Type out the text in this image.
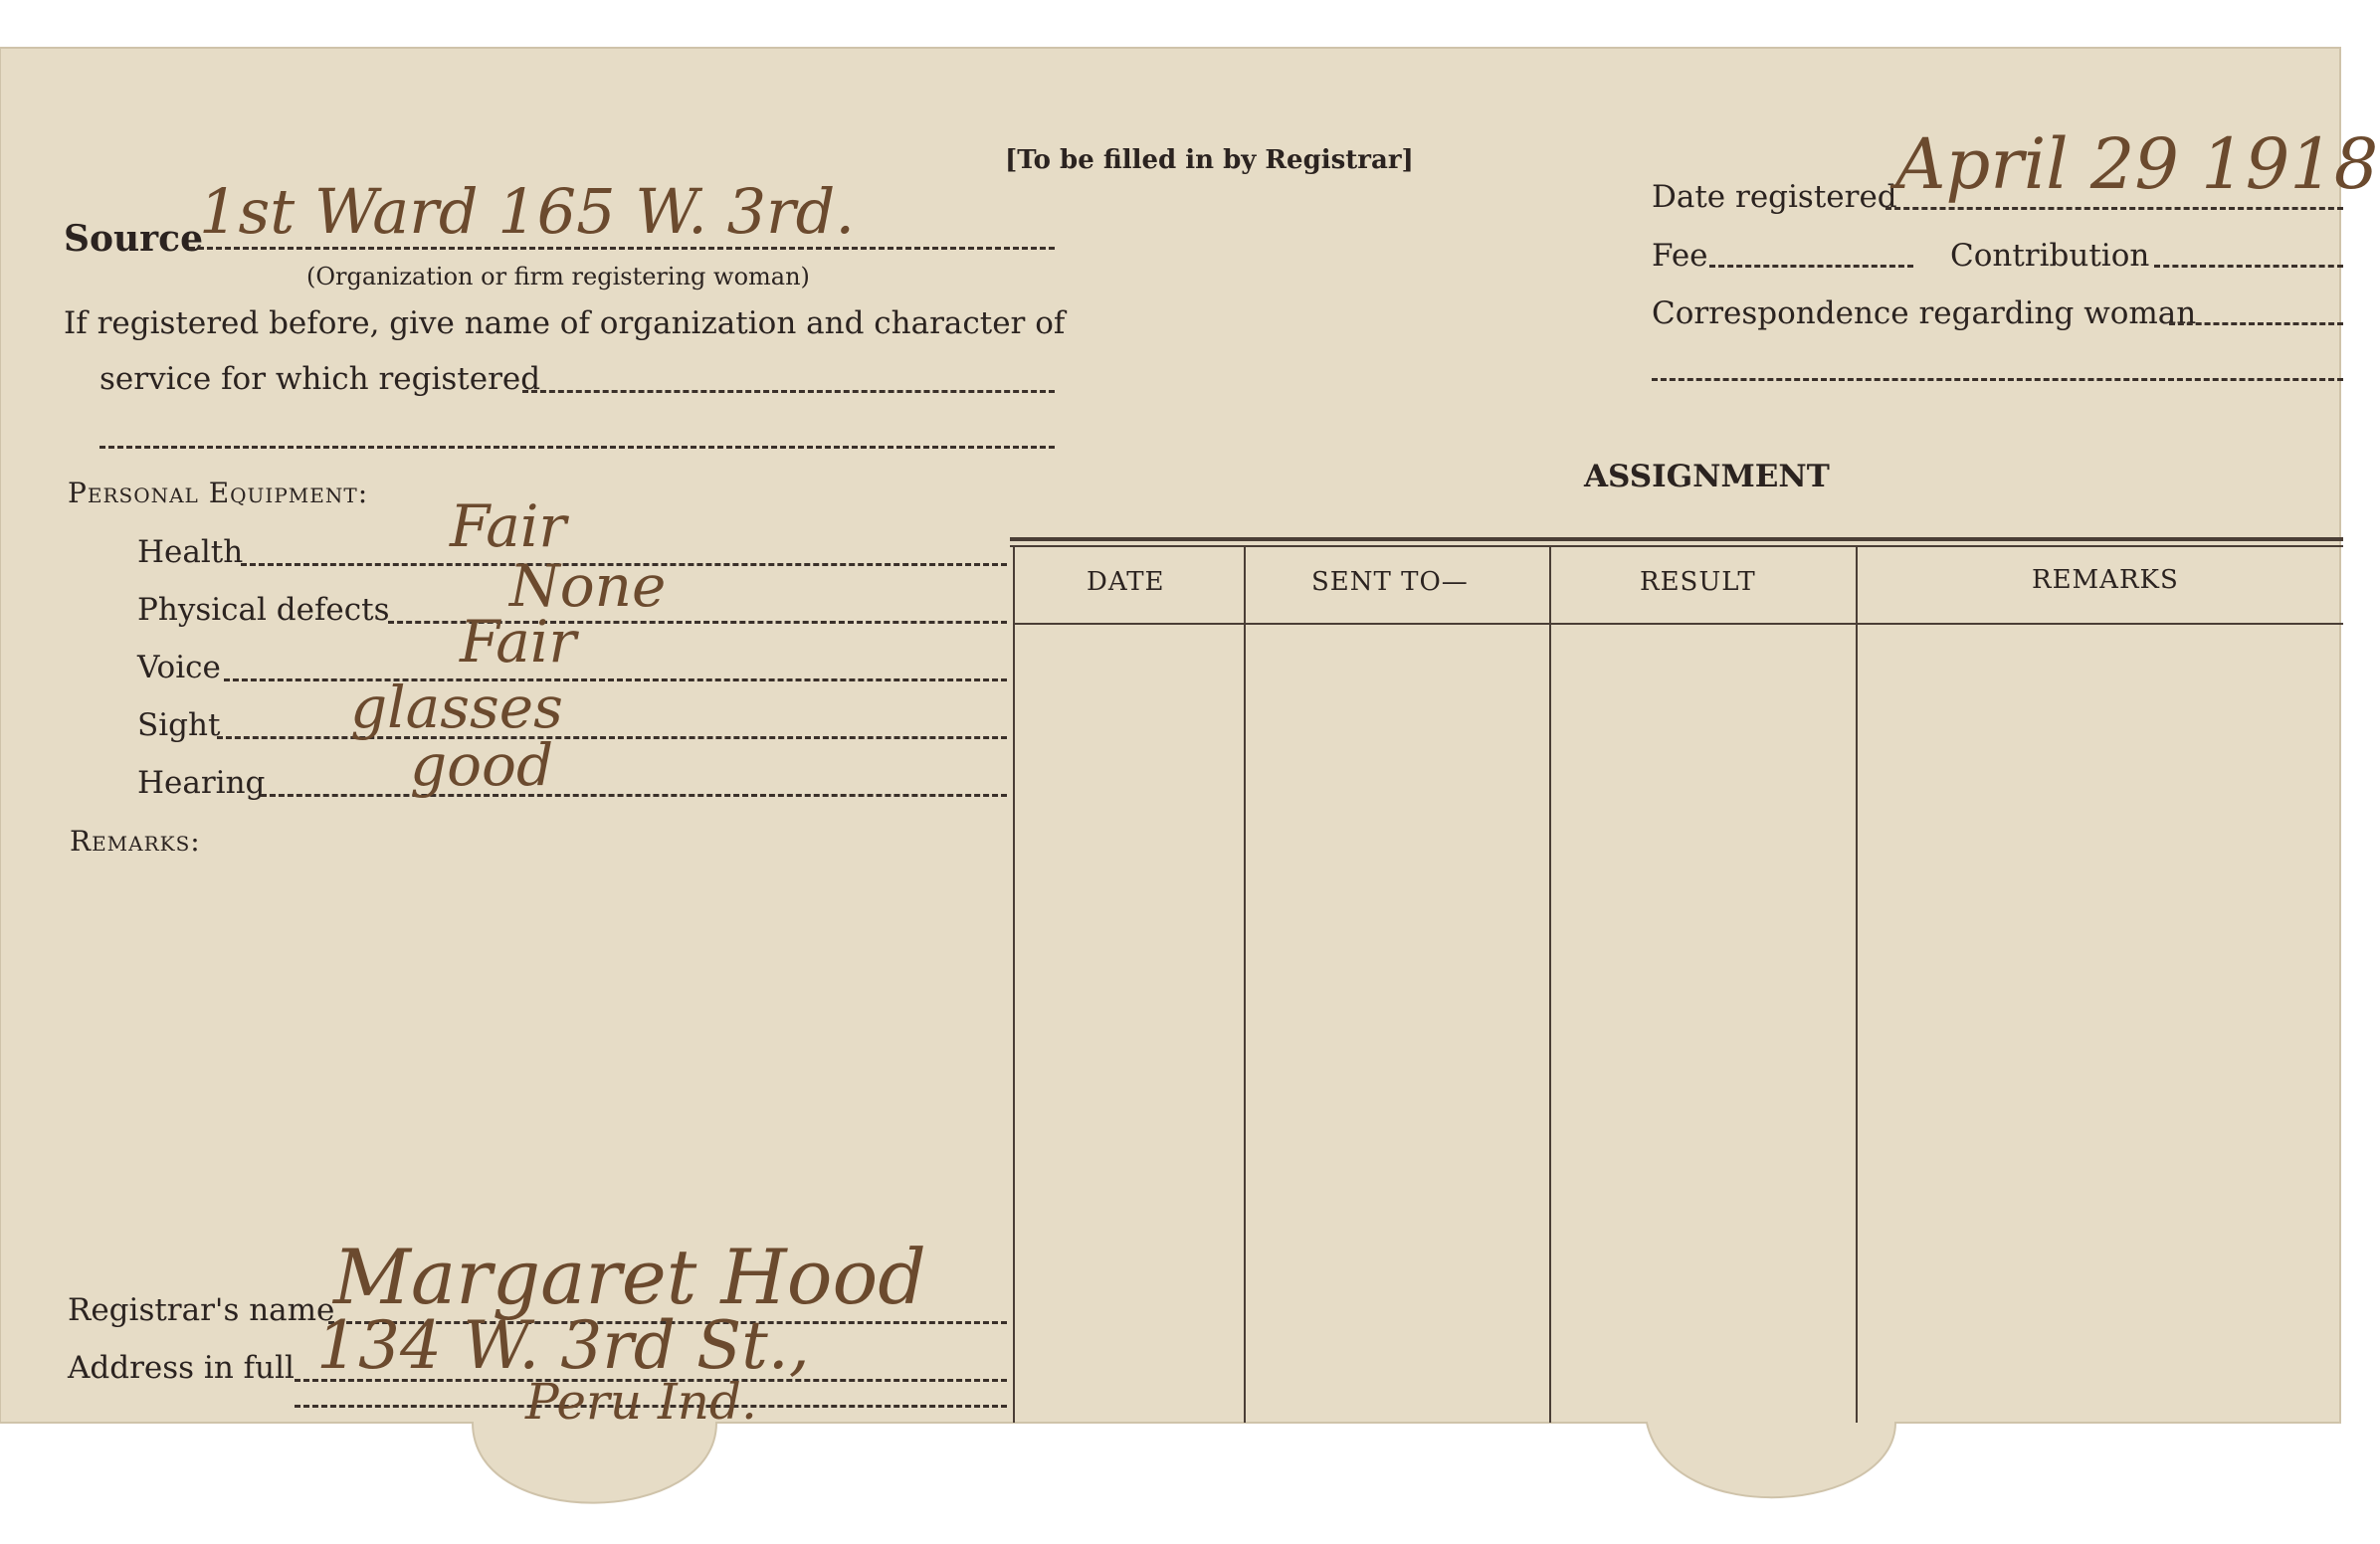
[To be filled in by Registrar]
Source
1st Ward 165 W. 3rd.
(Organization or firm registering woman)
If registered before, give name of organization and character of
service for which registered
Date registered
April 29 1918
Fee	Contribution
Correspondence regarding woman
Personal Equipment:
Health	Fair
Physical defects None
Voice	Fair
Sight glasses
Hearing	good
Remarks:
ASSIGNMENT
DATE	SENT TO—	RESULT	REMARKS
Registrar's name
Margaret Hood
Address in full 134 W. 3rd St.,
Peru Ind.
